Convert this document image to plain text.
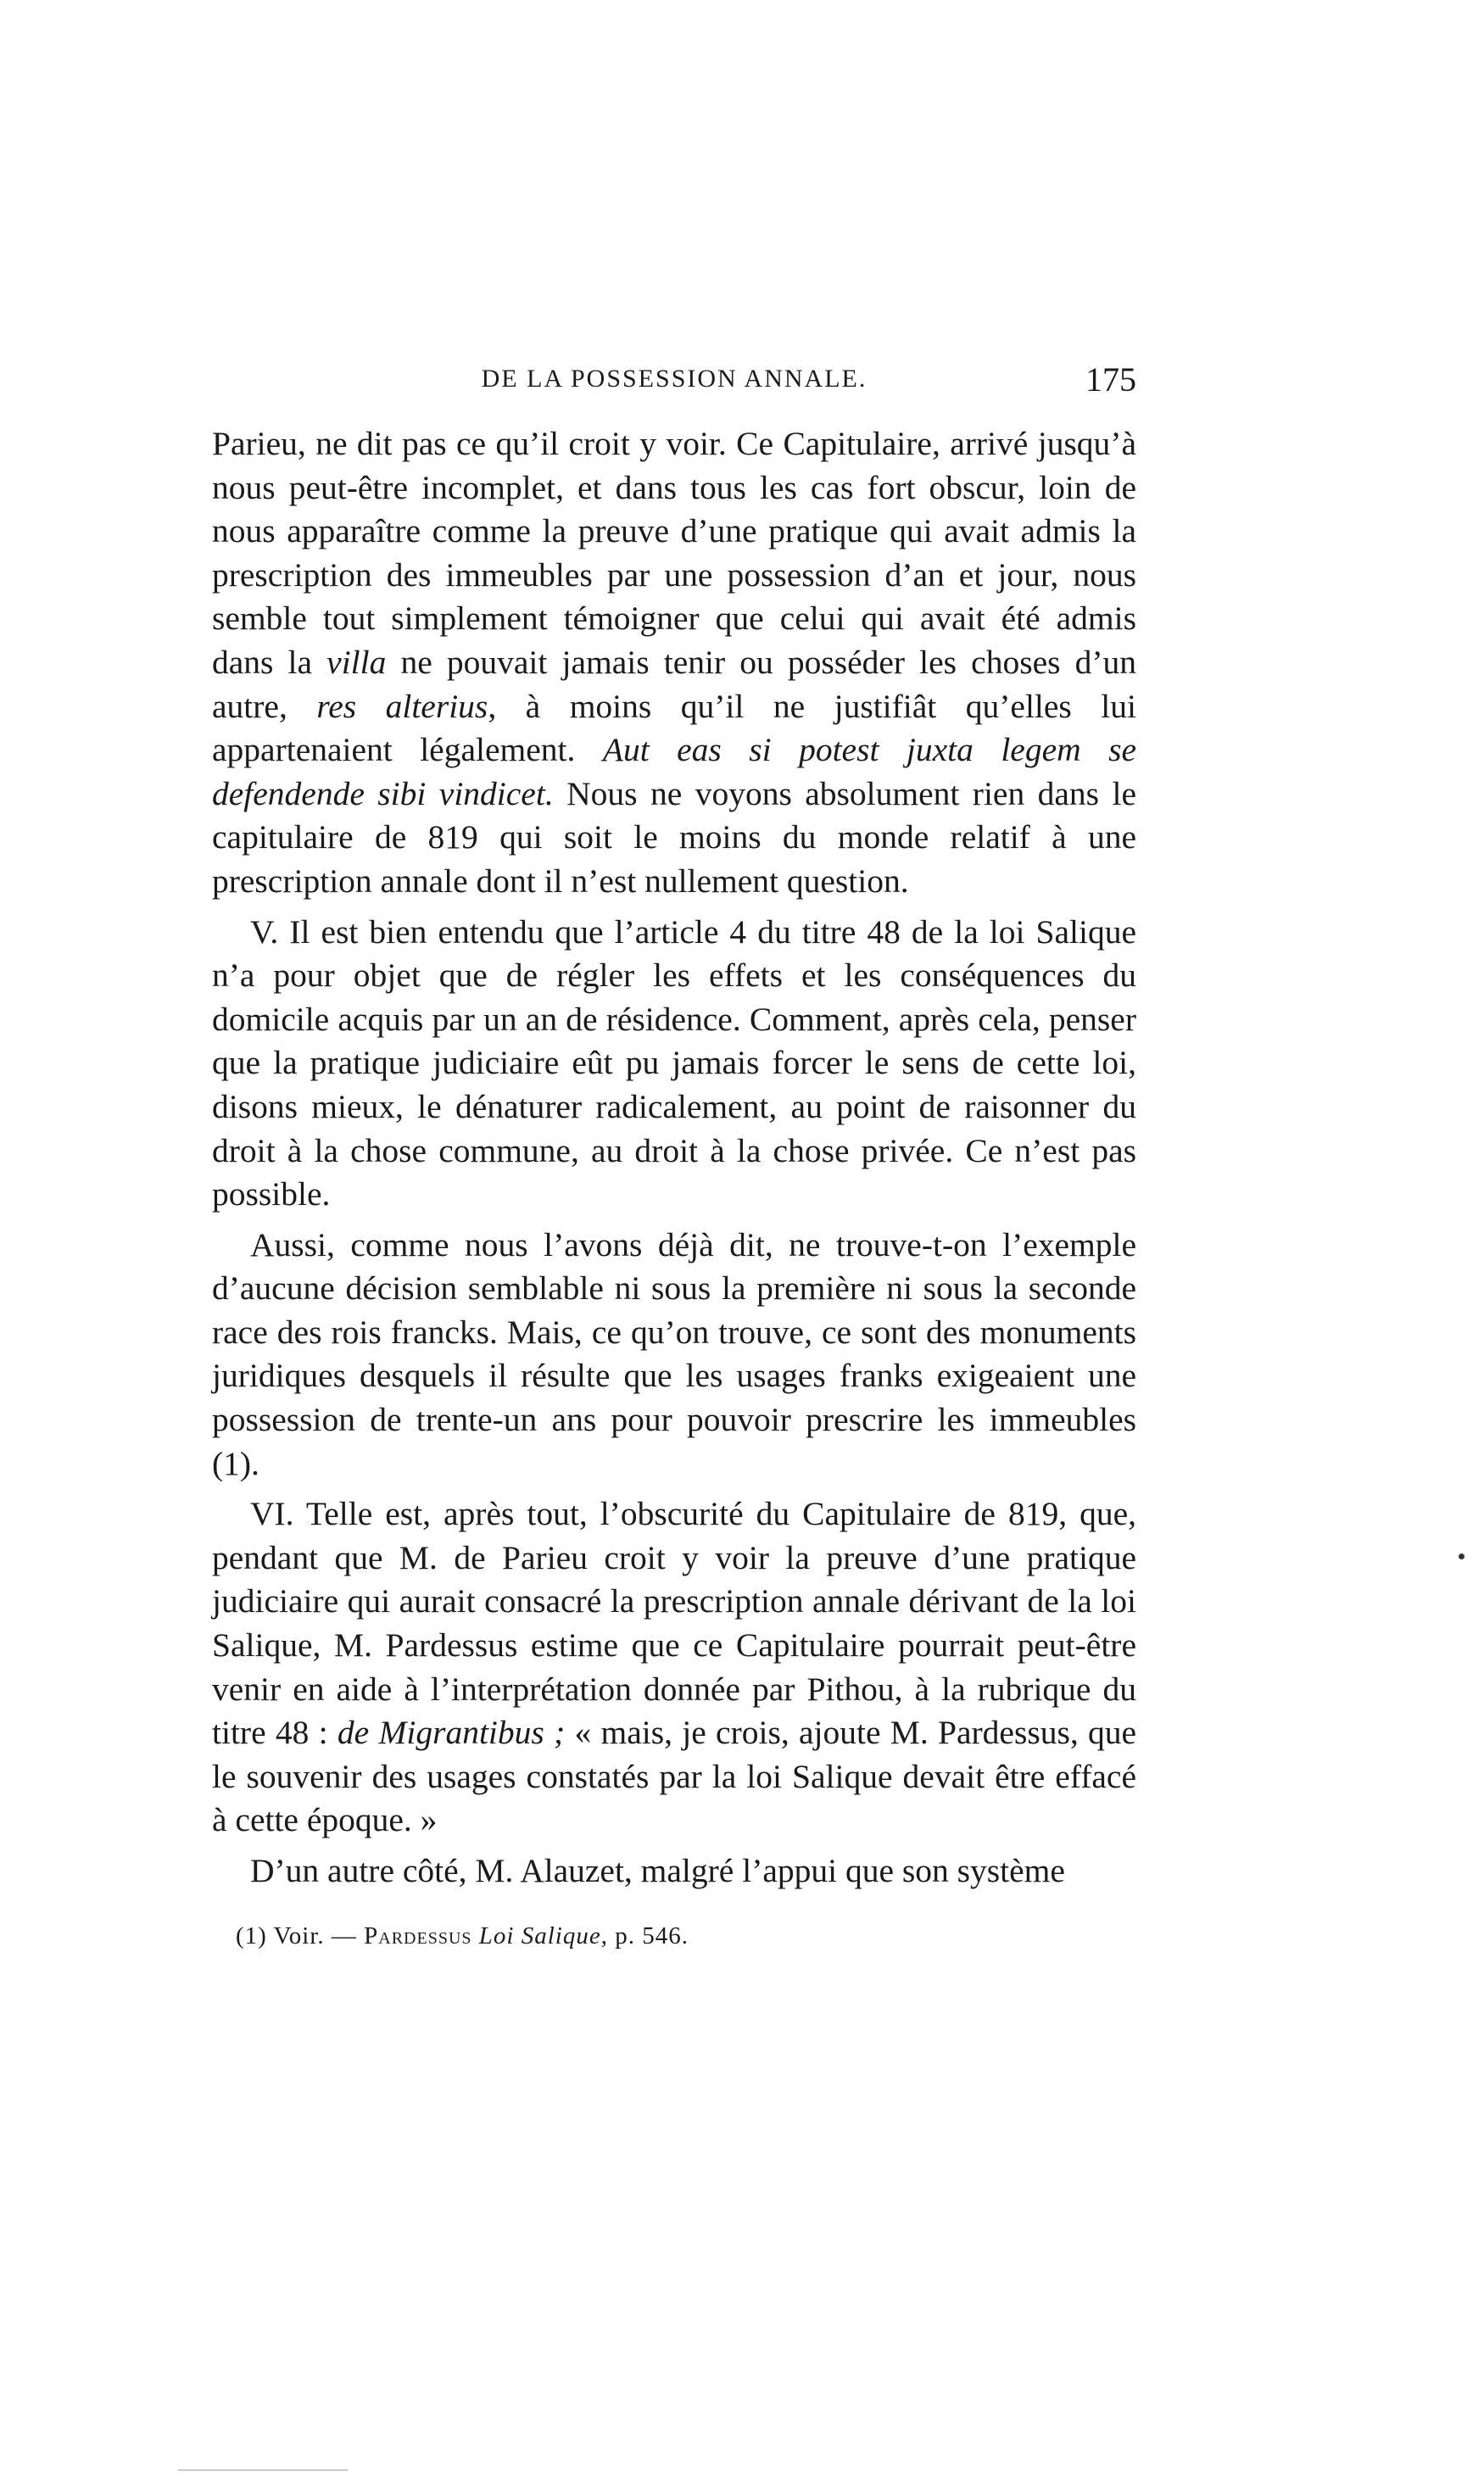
DE LA POSSESSION ANNALE.	175

Parieu, ne dit pas ce qu’il croit y voir. Ce Capitulaire, arrivé jusqu’à nous peut-être incomplet, et dans tous les cas fort obscur, loin de nous apparaître comme la preuve d’une pratique qui avait admis la prescription des immeubles par une possession d’an et jour, nous semble tout simplement témoigner que celui qui avait été admis dans la villa ne pouvait jamais tenir ou posséder les choses d’un autre, res alterius, à moins qu’il ne justifiât qu’elles lui appartenaient légalement. Aut eas si potest juxta legem se defendende sibi vindicet. Nous ne voyons absolument rien dans le capitulaire de 819 qui soit le moins du monde relatif à une prescription annale dont il n’est nullement question.

V. Il est bien entendu que l’article 4 du titre 48 de la loi Salique n’a pour objet que de régler les effets et les conséquences du domicile acquis par un an de résidence. Comment, après cela, penser que la pratique judiciaire eût pu jamais forcer le sens de cette loi, disons mieux, le dénaturer radicalement, au point de raisonner du droit à la chose commune, au droit à la chose privée. Ce n’est pas possible.

Aussi, comme nous l’avons déjà dit, ne trouve-t-on l’exemple d’aucune décision semblable ni sous la première ni sous la seconde race des rois francks. Mais, ce qu’on trouve, ce sont des monuments juridiques desquels il résulte que les usages franks exigeaient une possession de trente-un ans pour pouvoir prescrire les immeubles (1).

VI. Telle est, après tout, l’obscurité du Capitulaire de 819, que, pendant que M. de Parieu croit y voir la preuve d’une pratique judiciaire qui aurait consacré la prescription annale dérivant de la loi Salique, M. Pardessus estime que ce Capitulaire pourrait peut-être venir en aide à l’interprétation donnée par Pithou, à la rubrique du titre 48 : de Migrantibus ; « mais, je crois, ajoute M. Pardessus, que le souvenir des usages constatés par la loi Salique devait être effacé à cette époque. »

D’un autre côté, M. Alauzet, malgré l’appui que son système

(1) Voir. — Pardessus Loi Salique, p. 546.
